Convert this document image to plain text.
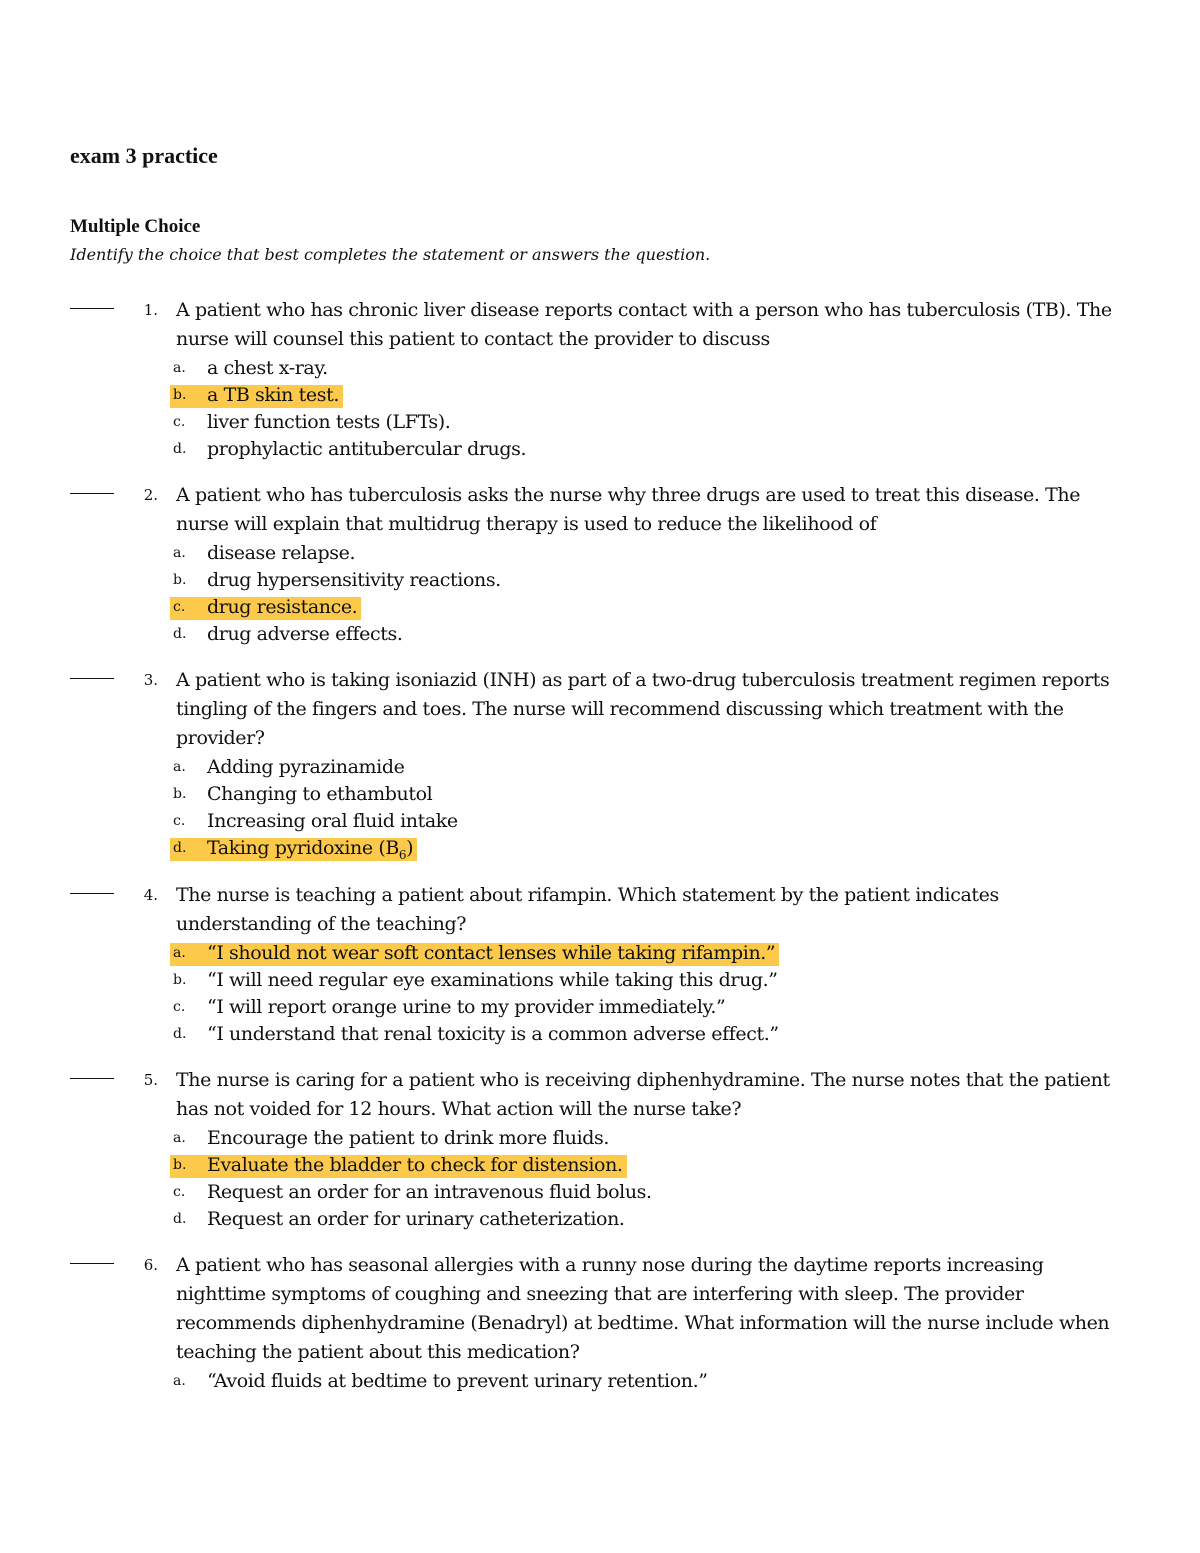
exam 3 practice
Multiple Choice
Identify the choice that best completes the statement or answers the question.
1. A patient who has chronic liver disease reports contact with a person who has tuberculosis (TB). The nurse will counsel this patient to contact the provider to discuss
a. a chest x-ray.
b. a TB skin test.
c. liver function tests (LFTs).
d. prophylactic antitubercular drugs.
2. A patient who has tuberculosis asks the nurse why three drugs are used to treat this disease. The nurse will explain that multidrug therapy is used to reduce the likelihood of
a. disease relapse.
b. drug hypersensitivity reactions.
c. drug resistance.
d. drug adverse effects.
3. A patient who is taking isoniazid (INH) as part of a two-drug tuberculosis treatment regimen reports tingling of the fingers and toes. The nurse will recommend discussing which treatment with the provider?
a. Adding pyrazinamide
b. Changing to ethambutol
c. Increasing oral fluid intake
d. Taking pyridoxine $(B_6)$
4. The nurse is teaching a patient about rifampin. Which statement by the patient indicates understanding of the teaching?
a. “I should not wear soft contact lenses while taking rifampin.”
b. “I will need regular eye examinations while taking this drug.”
c. “I will report orange urine to my provider immediately.”
d. “I understand that renal toxicity is a common adverse effect.”
5. The nurse is caring for a patient who is receiving diphenhydramine. The nurse notes that the patient has not voided for 12 hours. What action will the nurse take?
a. Encourage the patient to drink more fluids.
b. Evaluate the bladder to check for distension.
c. Request an order for an intravenous fluid bolus.
d. Request an order for urinary catheterization.
6. A patient who has seasonal allergies with a runny nose during the daytime reports increasing nighttime symptoms of coughing and sneezing that are interfering with sleep. The provider recommends diphenhydramine (Benadryl) at bedtime. What information will the nurse include when teaching the patient about this medication?
a. “Avoid fluids at bedtime to prevent urinary retention.”
